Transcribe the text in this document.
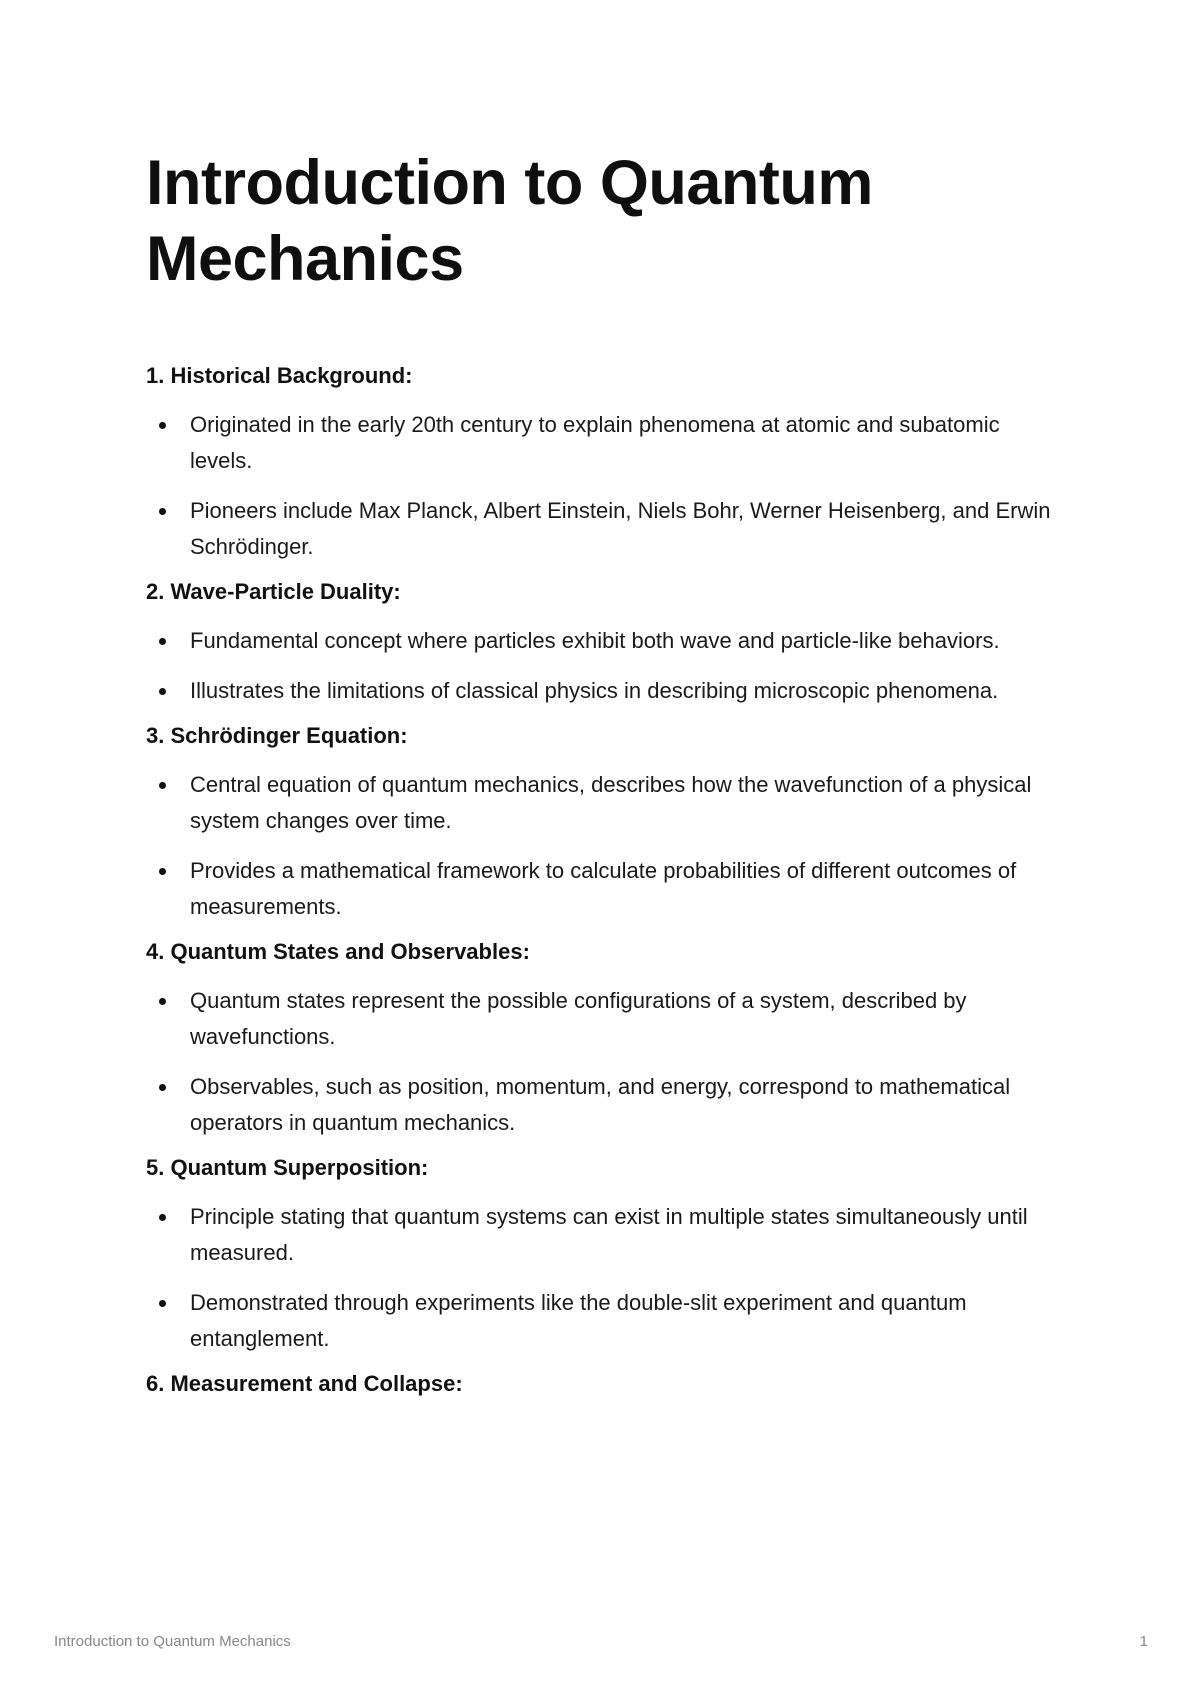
Introduction to Quantum Mechanics
1. Historical Background:
Originated in the early 20th century to explain phenomena at atomic and subatomic levels.
Pioneers include Max Planck, Albert Einstein, Niels Bohr, Werner Heisenberg, and Erwin Schrödinger.
2. Wave-Particle Duality:
Fundamental concept where particles exhibit both wave and particle-like behaviors.
Illustrates the limitations of classical physics in describing microscopic phenomena.
3. Schrödinger Equation:
Central equation of quantum mechanics, describes how the wavefunction of a physical system changes over time.
Provides a mathematical framework to calculate probabilities of different outcomes of measurements.
4. Quantum States and Observables:
Quantum states represent the possible configurations of a system, described by wavefunctions.
Observables, such as position, momentum, and energy, correspond to mathematical operators in quantum mechanics.
5. Quantum Superposition:
Principle stating that quantum systems can exist in multiple states simultaneously until measured.
Demonstrated through experiments like the double-slit experiment and quantum entanglement.
6. Measurement and Collapse:
Introduction to Quantum Mechanics	1
